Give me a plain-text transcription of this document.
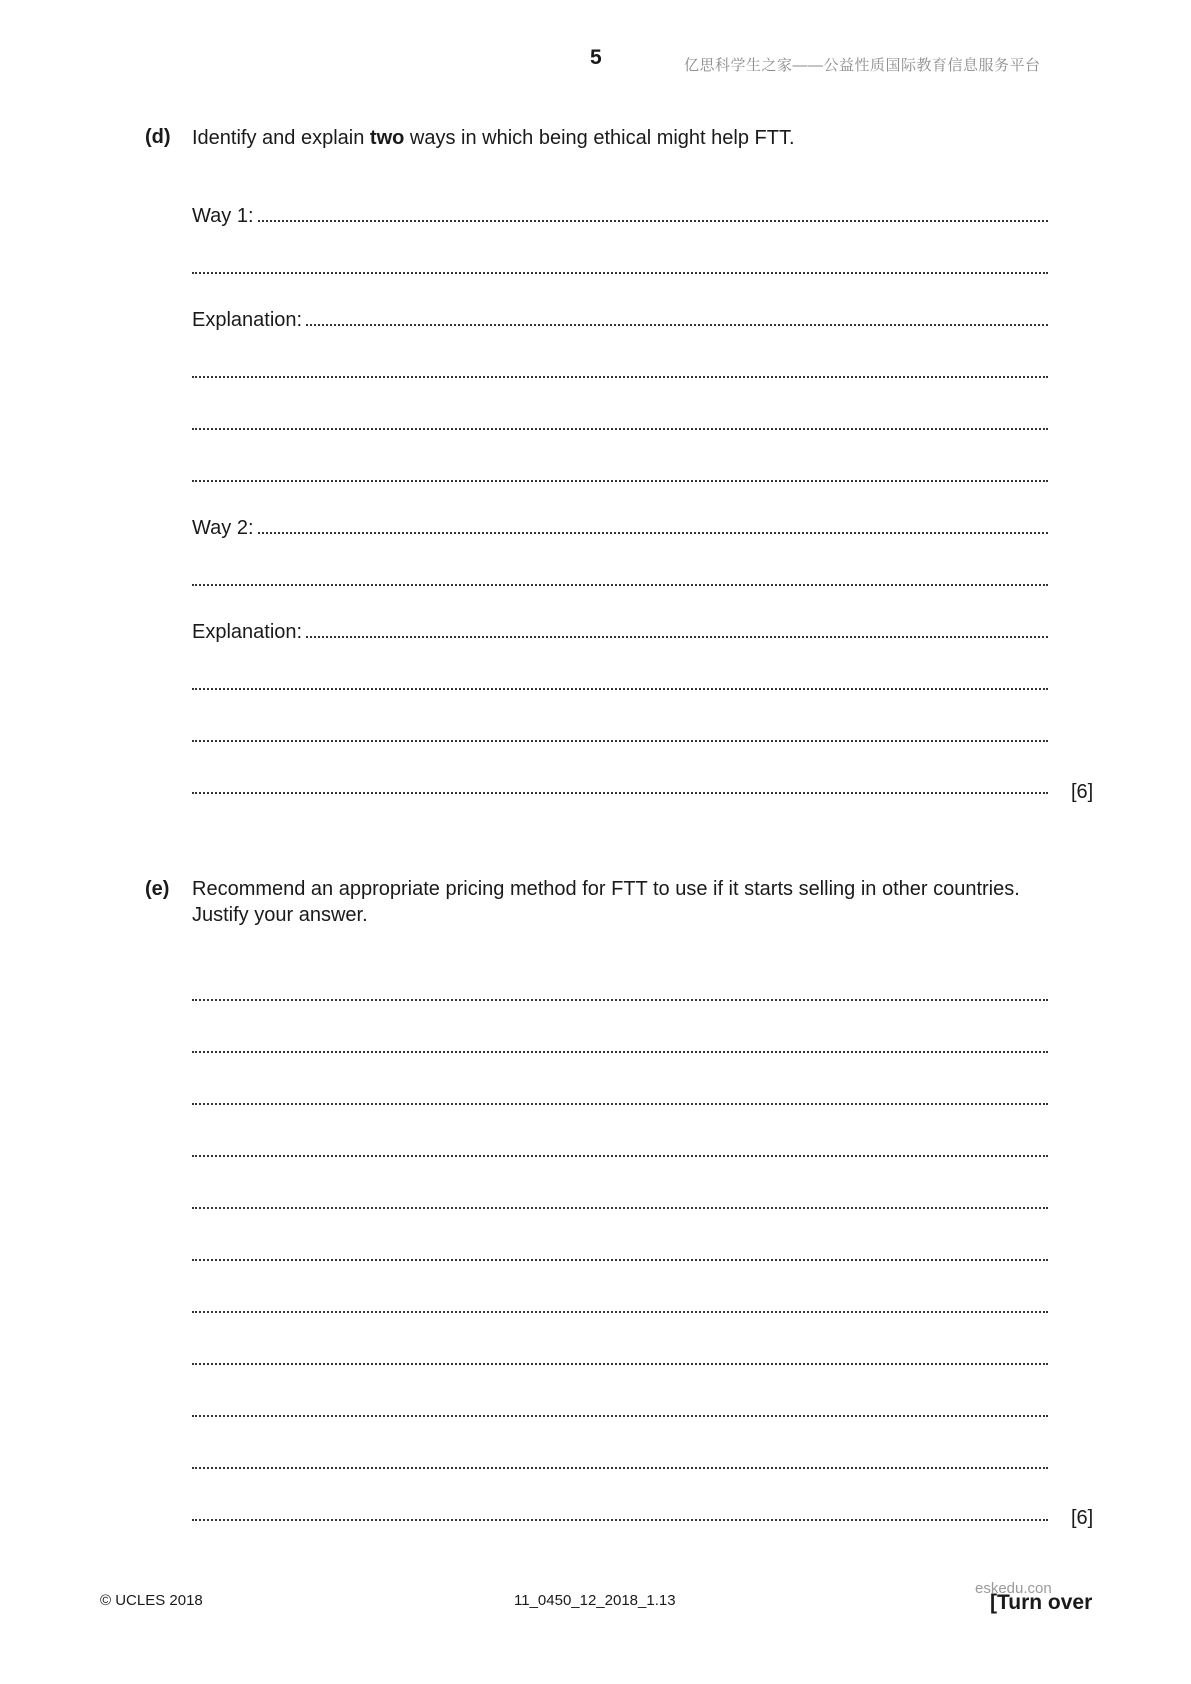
5	亿思科学生之家——公益性质国际教育信息服务平台
(d) Identify and explain two ways in which being ethical might help FTT.
Way 1:
Explanation:
Way 2:
Explanation:
[6]
(e) Recommend an appropriate pricing method for FTT to use if it starts selling in other countries.
Justify your answer.
[6]
© UCLES 2018	11_0450_12_2018_1.13
eskedu.con
[Turn over
